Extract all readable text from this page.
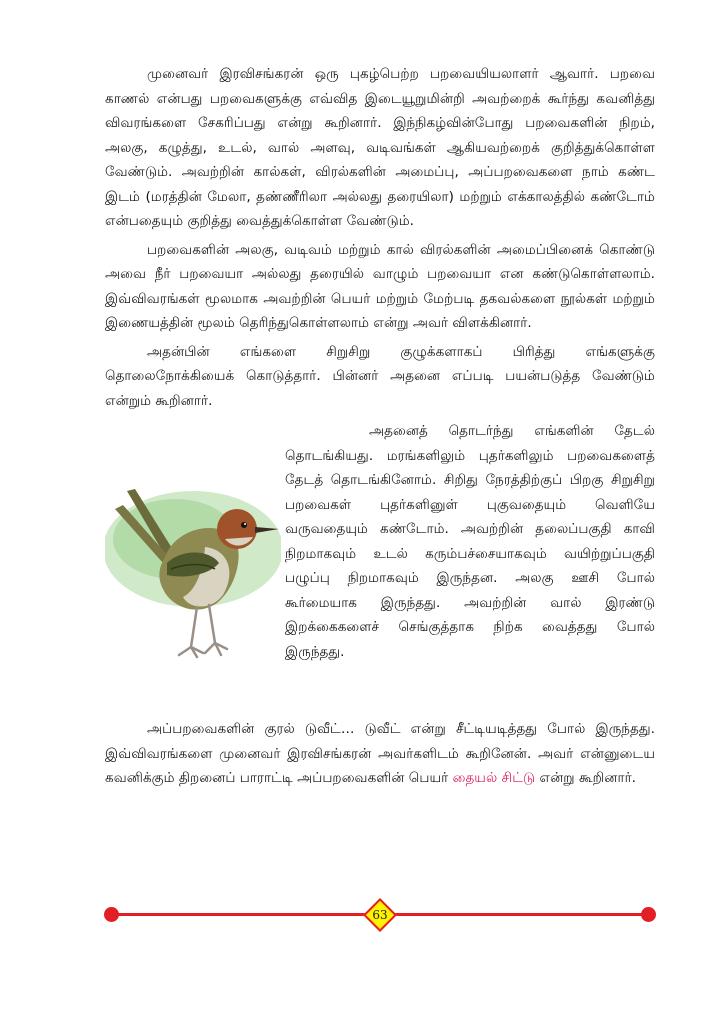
முனைவர் இரவிசங்கரன் ஒரு புகழ்பெற்ற பறவையியலாளர் ஆவார். பறவை காணல் என்பது பறவைகளுக்கு எவ்வித இடையூறுமின்றி அவற்றைக் கூர்ந்து கவனித்து விவரங்களை சேகரிப்பது என்று கூறினார். இந்நிகழ்வின்போது பறவைகளின் நிறம், அலகு, கழுத்து, உடல், வால் அளவு, வடிவங்கள் ஆகியவற்றைக் குறித்துக்கொள்ள வேண்டும். அவற்றின் கால்கள், விரல்களின் அமைப்பு, அப்பறவைகளை நாம் கண்ட இடம் (மரத்தின் மேலா, தண்ணீரிலா அல்லது தரையிலா) மற்றும் எக்காலத்தில் கண்டோம் என்பதையும் குறித்து வைத்துக்கொள்ள வேண்டும்.

பறவைகளின் அலகு, வடிவம் மற்றும் கால் விரல்களின் அமைப்பினைக் கொண்டு அவை நீர் பறவையா அல்லது தரையில் வாழும் பறவையா என கண்டுகொள்ளலாம். இவ்விவரங்கள் மூலமாக அவற்றின் பெயர் மற்றும் மேற்படி தகவல்களை நூல்கள் மற்றும் இணையத்தின் மூலம் தெரிந்துகொள்ளலாம் என்று அவர் விளக்கினார்.

அதன்பின் எங்களை சிறுசிறு குழுக்களாகப் பிரித்து எங்களுக்கு தொலைநோக்கியைக் கொடுத்தார். பின்னர் அதனை எப்படி பயன்படுத்த வேண்டும் என்றும் கூறினார்.

அதனைத் தொடர்ந்து எங்களின் தேடல் தொடங்கியது. மரங்களிலும் புதர்களிலும் பறவைகளைத் தேடத் தொடங்கினோம். சிறிது நேரத்திற்குப் பிறகு சிறுசிறு பறவைகள் புதர்களினுள் புகுவதையும் வெளியே வருவதையும் கண்டோம். அவற்றின் தலைப்பகுதி காவி நிறமாகவும் உடல் கரும்பச்சையாகவும் வயிற்றுப்பகுதி பழுப்பு நிறமாகவும் இருந்தன. அலகு ஊசி போல் கூர்மையாக இருந்தது. அவற்றின் வால் இரண்டு இறக்கைகளைச் செங்குத்தாக நிற்க வைத்தது போல் இருந்தது.

அப்பறவைகளின் குரல் டுவீட்… டுவீட் என்று சீட்டியடித்தது போல் இருந்தது. இவ்விவரங்களை முனைவர் இரவிசங்கரன் அவர்களிடம் கூறினேன். அவர் என்னுடைய கவனிக்கும் திறனைப் பாராட்டி அப்பறவைகளின் பெயர் தையல் சிட்டு என்று கூறினார்.

63
